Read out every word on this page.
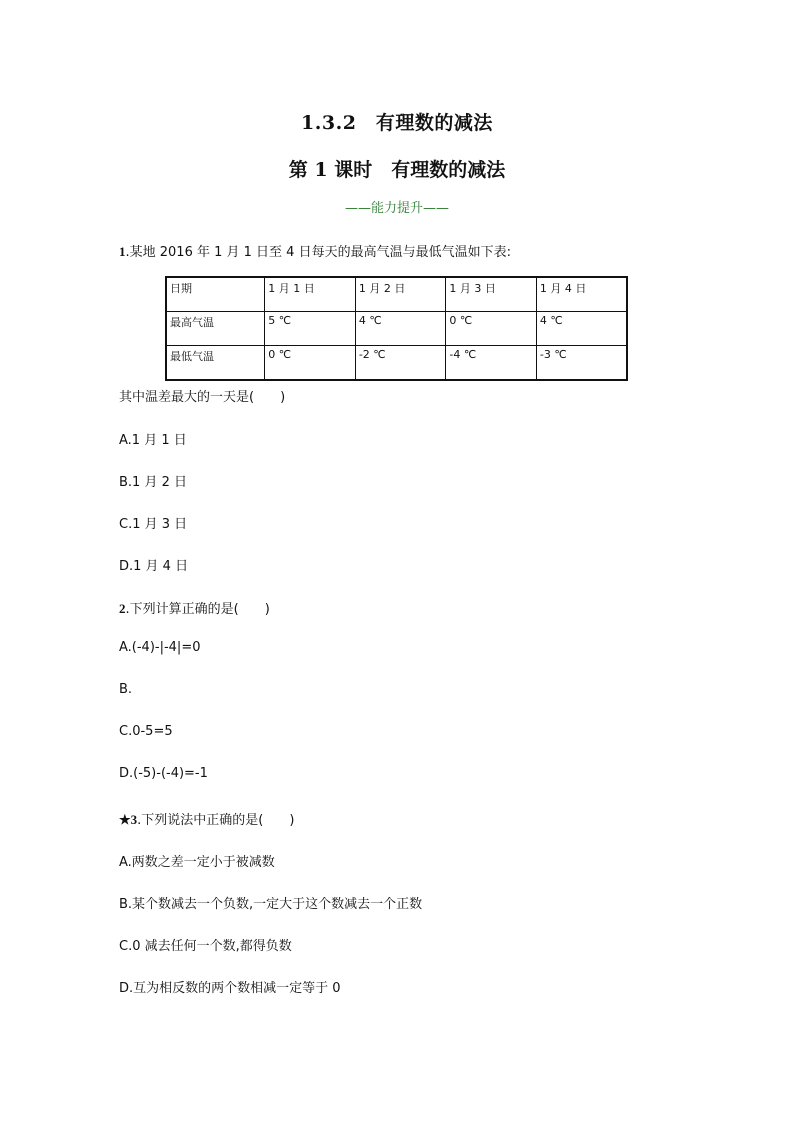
1.3.2　有理数的减法
第 1 课时　有理数的减法
——能力提升——
1.某地 2016 年 1 月 1 日至 4 日每天的最高气温与最低气温如下表:
日期	1 月 1 日	1 月 2 日	1 月 3 日	1 月 4 日
最高气温	5 ℃	4 ℃	0 ℃	4 ℃
最低气温	0 ℃	-2 ℃	-4 ℃	-3 ℃
其中温差最大的一天是(　　)
A.1 月 1 日
B.1 月 2 日
C.1 月 3 日
D.1 月 4 日
2.下列计算正确的是(　　)
A.(-4)-|-4|=0
B.
C.0-5=5
D.(-5)-(-4)=-1
★3.下列说法中正确的是(　　)
A.两数之差一定小于被减数
B.某个数减去一个负数,一定大于这个数减去一个正数
C.0 减去任何一个数,都得负数
D.互为相反数的两个数相减一定等于 0
